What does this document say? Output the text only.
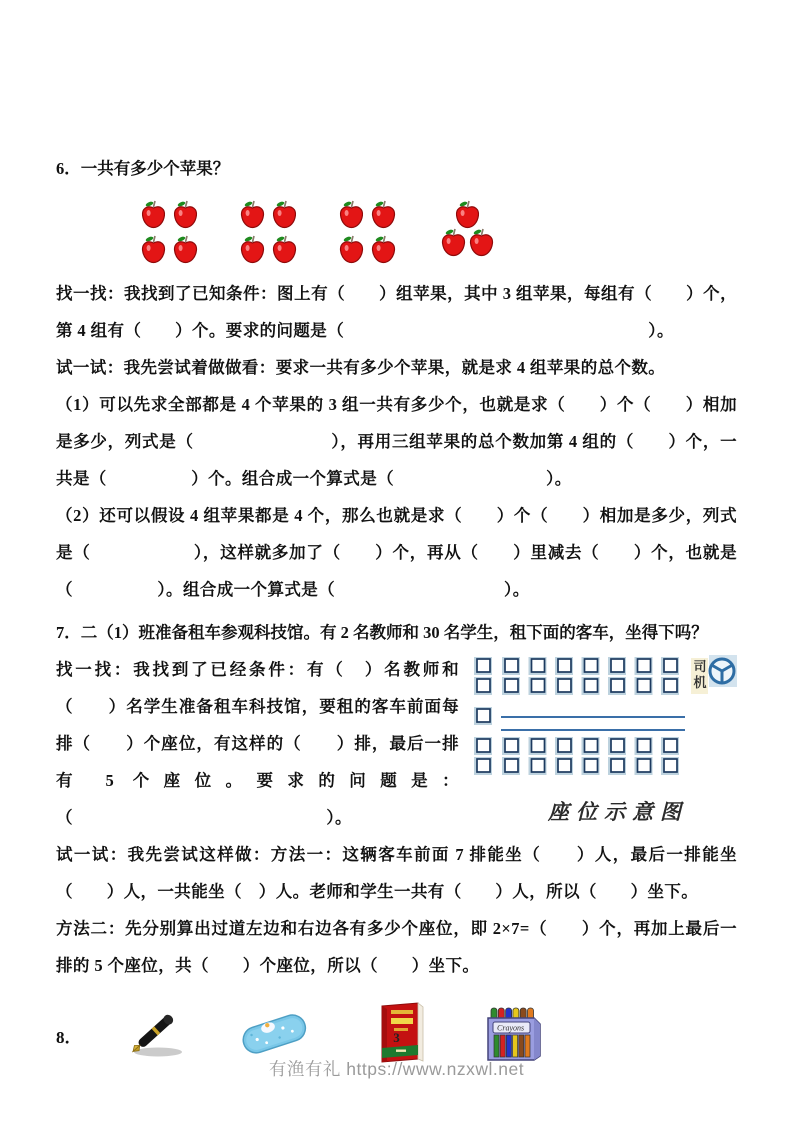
6．一共有多少个苹果？

找一找：我找到了已知条件：图上有（　　）组苹果，其中 3 组苹果，每组有（　　）个，第 4 组有（　　）个。要求的问题是（　　　　　　　　　　　　　　　　　　）。

试一试：我先尝试着做做看：要求一共有多少个苹果，就是求 4 组苹果的总个数。

（1）可以先求全部都是 4 个苹果的 3 组一共有多少个，也就是求（　　）个（　　）相加是多少，列式是（　　　　　　　　），再用三组苹果的总个数加第 4 组的（　　）个，一共是（　　　　　）个。组合成一个算式是（　　　　　　　　　）。

（2）还可以假设 4 组苹果都是 4 个，那么也就是求（　　）个（　　）相加是多少，列式是（　　　　　　），这样就多加了（　　）个，再从（　　）里减去（　　）个，也就是（　　　　　）。组合成一个算式是（　　　　　　　　　　）。

7．二（1）班准备租车参观科技馆。有 2 名教师和 30 名学生，租下面的客车，坐得下吗？

司机
座位示意图

找一找：我找到了已经条件：有（　）名教师和（　　）名学生准备租车科技馆，要租的客车前面每排（　　）个座位，有这样的（　　）排，最后一排有 5 个座位。要求的问题是：（　　　　　　　　　　　　　　　）。

试一试：我先尝试这样做：方法一：这辆客车前面 7 排能坐（　　）人，最后一排能坐（　　）人，一共能坐（　）人。老师和学生一共有（　　）人，所以（　　）坐下。

方法二：先分别算出过道左边和右边各有多少个座位，即 2×7=（　　）个，再加上最后一排的 5 个座位，共（　　）个座位，所以（　　）坐下。

8．	Crayons
3
有渔有礼 https://www.nzxwl.net
